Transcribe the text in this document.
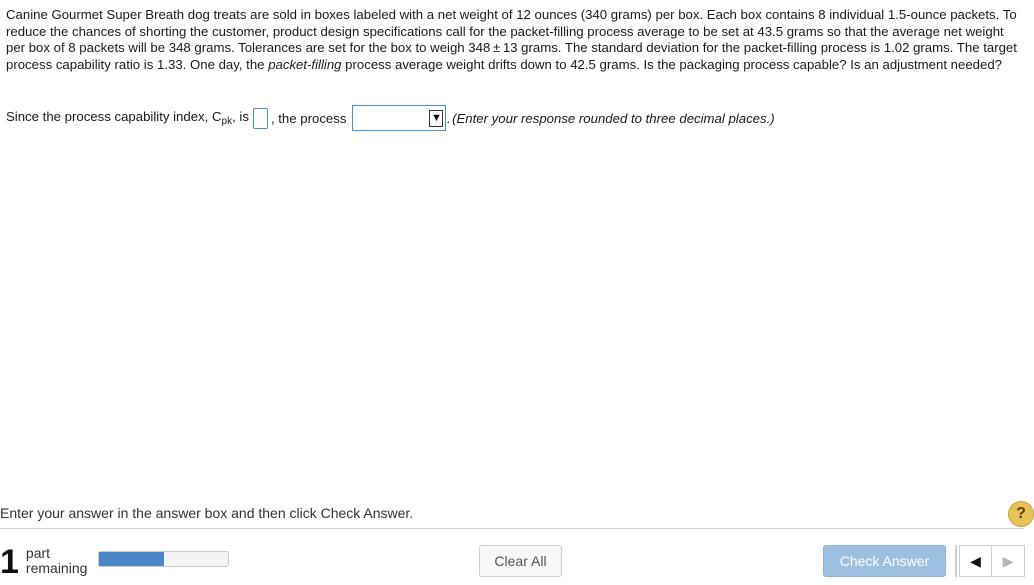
Canine Gourmet Super Breath dog treats are sold in boxes labeled with a net weight of 12 ounces (340 grams) per box. Each box contains 8 individual 1.5-ounce packets. To reduce the chances of shorting the customer, product design specifications call for the packet-filling process average to be set at 43.5 grams so that the average net weight per box of 8 packets will be 348 grams. Tolerances are set for the box to weigh 348 ± 13 grams. The standard deviation for the packet-filling process is 1.02 grams. The target process capability ratio is 1.33. One day, the packet-filling process average weight drifts down to 42.5 grams. Is the packaging process capable? Is an adjustment needed?

Since the process capability index, $C_{pk}$, is , the process	▼ . (Enter your response rounded to three decimal places.)
Enter your answer in the answer box and then click Check Answer.	?
1 part
remaining	Clear All	Check Answer	◀	▶
